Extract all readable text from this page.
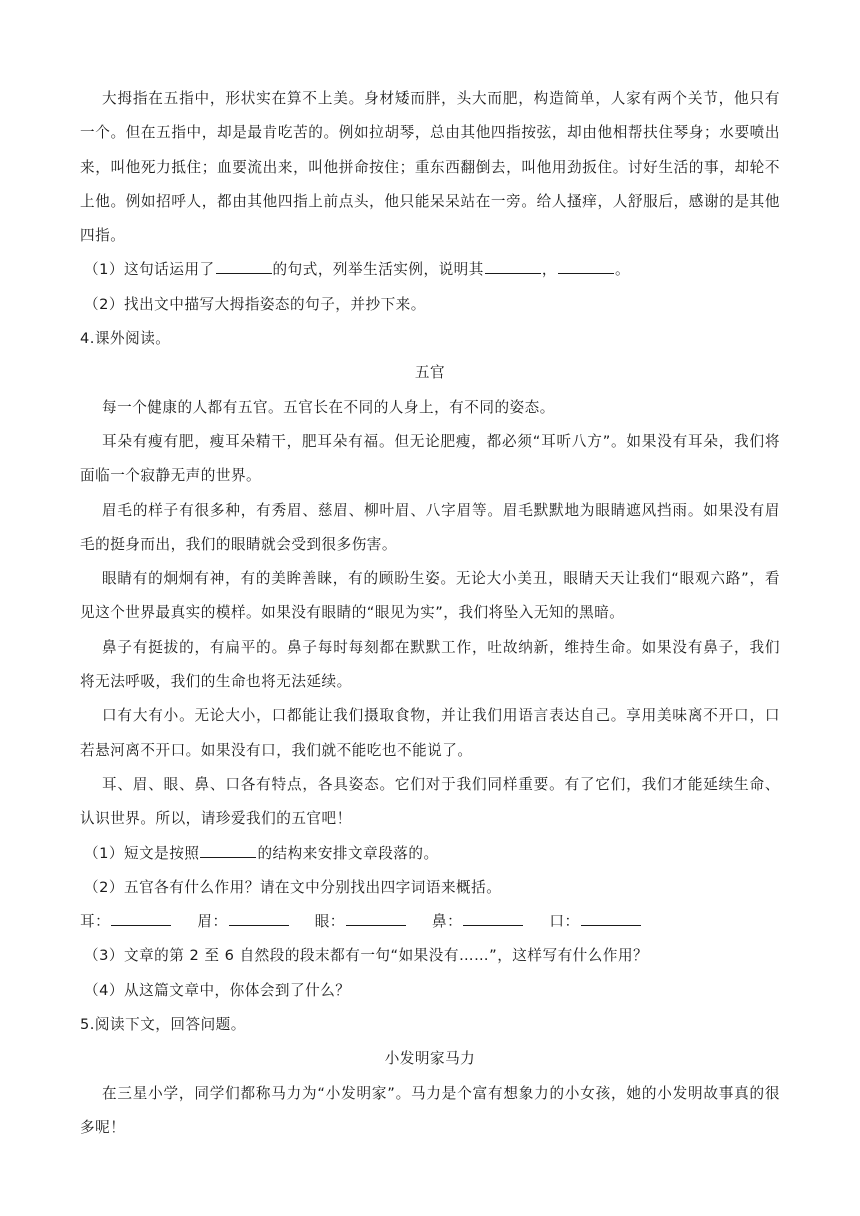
大拇指在五指中，形状实在算不上美。身材矮而胖，头大而肥，构造简单，人家有两个关节，他只有一个。但在五指中，却是最肯吃苦的。例如拉胡琴，总由其他四指按弦，却由他相帮扶住琴身；水要喷出来，叫他死力抵住；血要流出来，叫他拼命按住；重东西翻倒去，叫他用劲扳住。讨好生活的事，却轮不上他。例如招呼人，都由其他四指上前点头，他只能呆呆站在一旁。给人搔痒，人舒服后，感谢的是其他四指。

（1）这句话运用了	的句式，列举生活实例，说明其	，	。

（2）找出文中描写大拇指姿态的句子，并抄下来。

4.课外阅读。

五官

每一个健康的人都有五官。五官长在不同的人身上，有不同的姿态。

耳朵有瘦有肥，瘦耳朵精干，肥耳朵有福。但无论肥瘦，都必须“耳听八方”。如果没有耳朵，我们将面临一个寂静无声的世界。

眉毛的样子有很多种，有秀眉、慈眉、柳叶眉、八字眉等。眉毛默默地为眼睛遮风挡雨。如果没有眉毛的挺身而出，我们的眼睛就会受到很多伤害。

眼睛有的炯炯有神，有的美眸善睐，有的顾盼生姿。无论大小美丑，眼睛天天让我们“眼观六路”，看见这个世界最真实的模样。如果没有眼睛的“眼见为实”，我们将坠入无知的黑暗。

鼻子有挺拔的，有扁平的。鼻子每时每刻都在默默工作，吐故纳新，维持生命。如果没有鼻子，我们将无法呼吸，我们的生命也将无法延续。

口有大有小。无论大小，口都能让我们摄取食物，并让我们用语言表达自己。享用美味离不开口，口若悬河离不开口。如果没有口，我们就不能吃也不能说了。

耳、眉、眼、鼻、口各有特点，各具姿态。它们对于我们同样重要。有了它们，我们才能延续生命、认识世界。所以，请珍爱我们的五官吧！

（1）短文是按照	的结构来安排文章段落的。

（2）五官各有什么作用？请在文中分别找出四字词语来概括。

耳：	眉：	眼：	鼻：	口：

（3）文章的第 2 至 6 自然段的段末都有一句“如果没有……”，这样写有什么作用？

（4）从这篇文章中，你体会到了什么？

5.阅读下文，回答问题。

小发明家马力

在三星小学，同学们都称马力为“小发明家”。马力是个富有想象力的小女孩，她的小发明故事真的很多呢！
